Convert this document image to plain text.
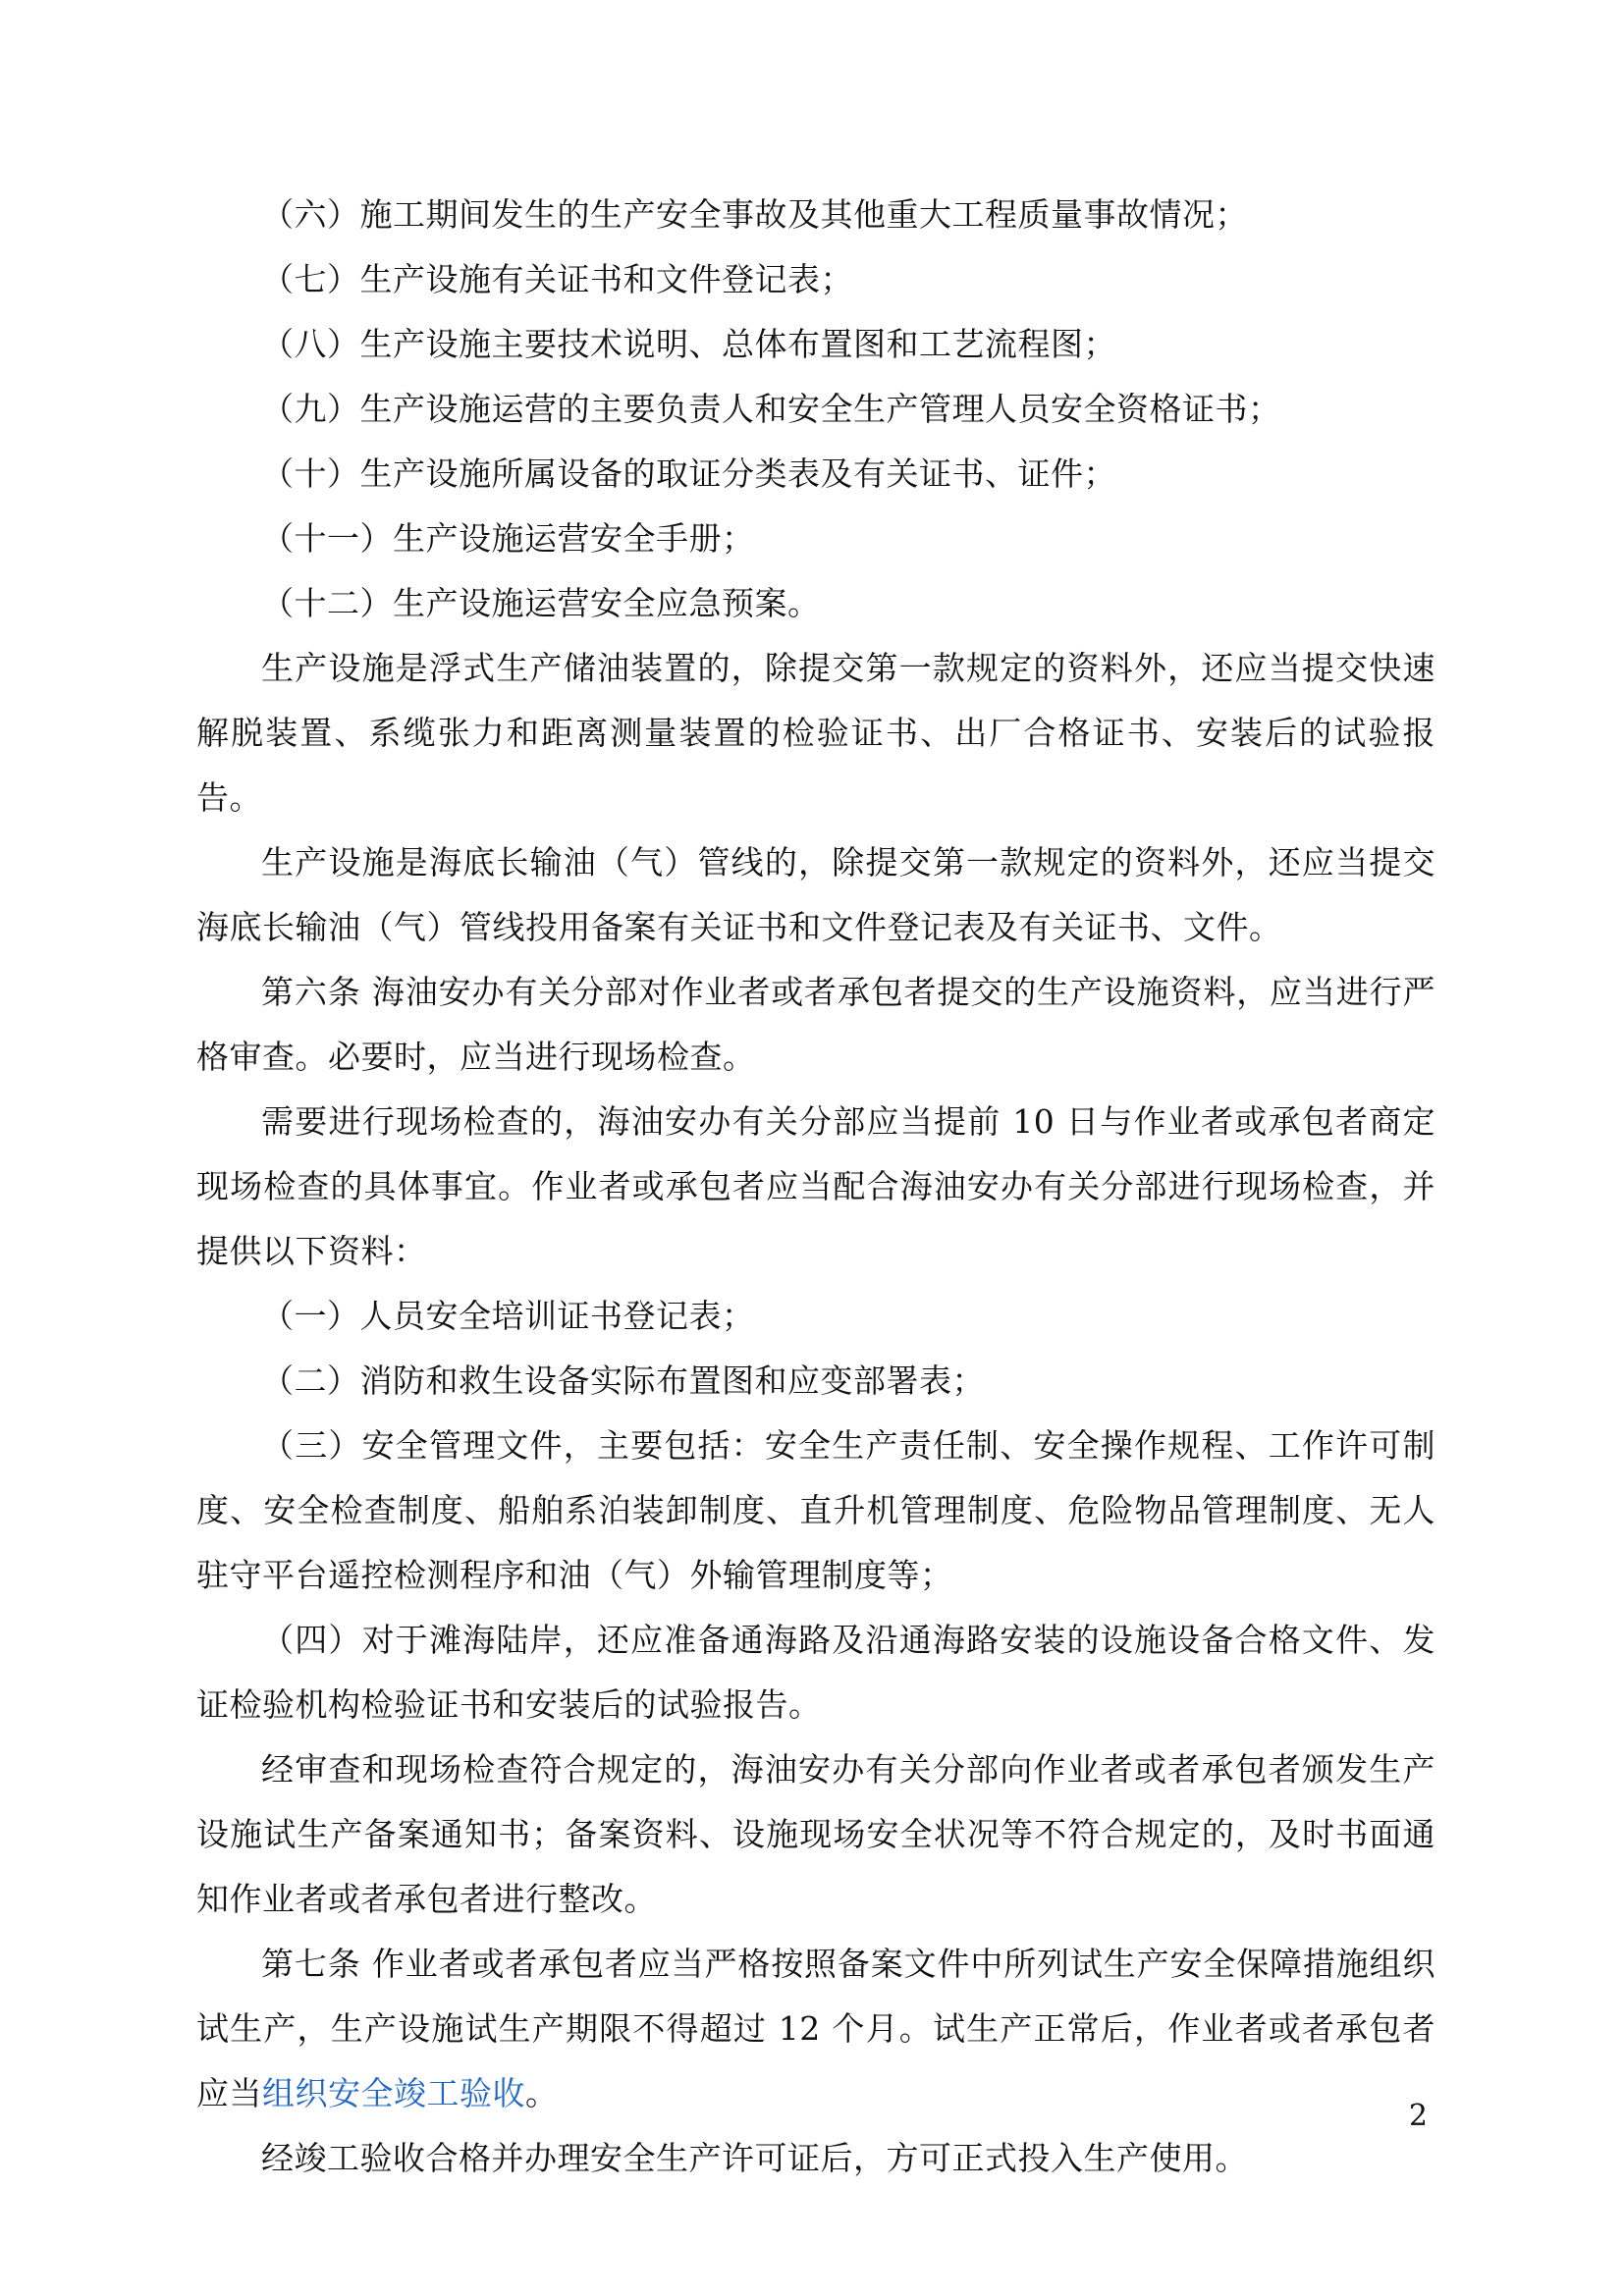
（六）施工期间发生的生产安全事故及其他重大工程质量事故情况；

（七）生产设施有关证书和文件登记表；

（八）生产设施主要技术说明、总体布置图和工艺流程图；

（九）生产设施运营的主要负责人和安全生产管理人员安全资格证书；

（十）生产设施所属设备的取证分类表及有关证书、证件；

（十一）生产设施运营安全手册；

（十二）生产设施运营安全应急预案。

生产设施是浮式生产储油装置的，除提交第一款规定的资料外，还应当提交快速解脱装置、系缆张力和距离测量装置的检验证书、出厂合格证书、安装后的试验报告。

生产设施是海底长输油（气）管线的，除提交第一款规定的资料外，还应当提交海底长输油（气）管线投用备案有关证书和文件登记表及有关证书、文件。

第六条 海油安办有关分部对作业者或者承包者提交的生产设施资料，应当进行严格审查。必要时，应当进行现场检查。

需要进行现场检查的，海油安办有关分部应当提前 10 日与作业者或承包者商定现场检查的具体事宜。作业者或承包者应当配合海油安办有关分部进行现场检查，并提供以下资料：

（一）人员安全培训证书登记表；

（二）消防和救生设备实际布置图和应变部署表；

（三）安全管理文件，主要包括：安全生产责任制、安全操作规程、工作许可制度、安全检查制度、船舶系泊装卸制度、直升机管理制度、危险物品管理制度、无人驻守平台遥控检测程序和油（气）外输管理制度等；

（四）对于滩海陆岸，还应准备通海路及沿通海路安装的设施设备合格文件、发证检验机构检验证书和安装后的试验报告。

经审查和现场检查符合规定的，海油安办有关分部向作业者或者承包者颁发生产设施试生产备案通知书；备案资料、设施现场安全状况等不符合规定的，及时书面通知作业者或者承包者进行整改。

第七条 作业者或者承包者应当严格按照备案文件中所列试生产安全保障措施组织试生产，生产设施试生产期限不得超过 12 个月。试生产正常后，作业者或者承包者应当组织安全竣工验收。

经竣工验收合格并办理安全生产许可证后，方可正式投入生产使用。

2
